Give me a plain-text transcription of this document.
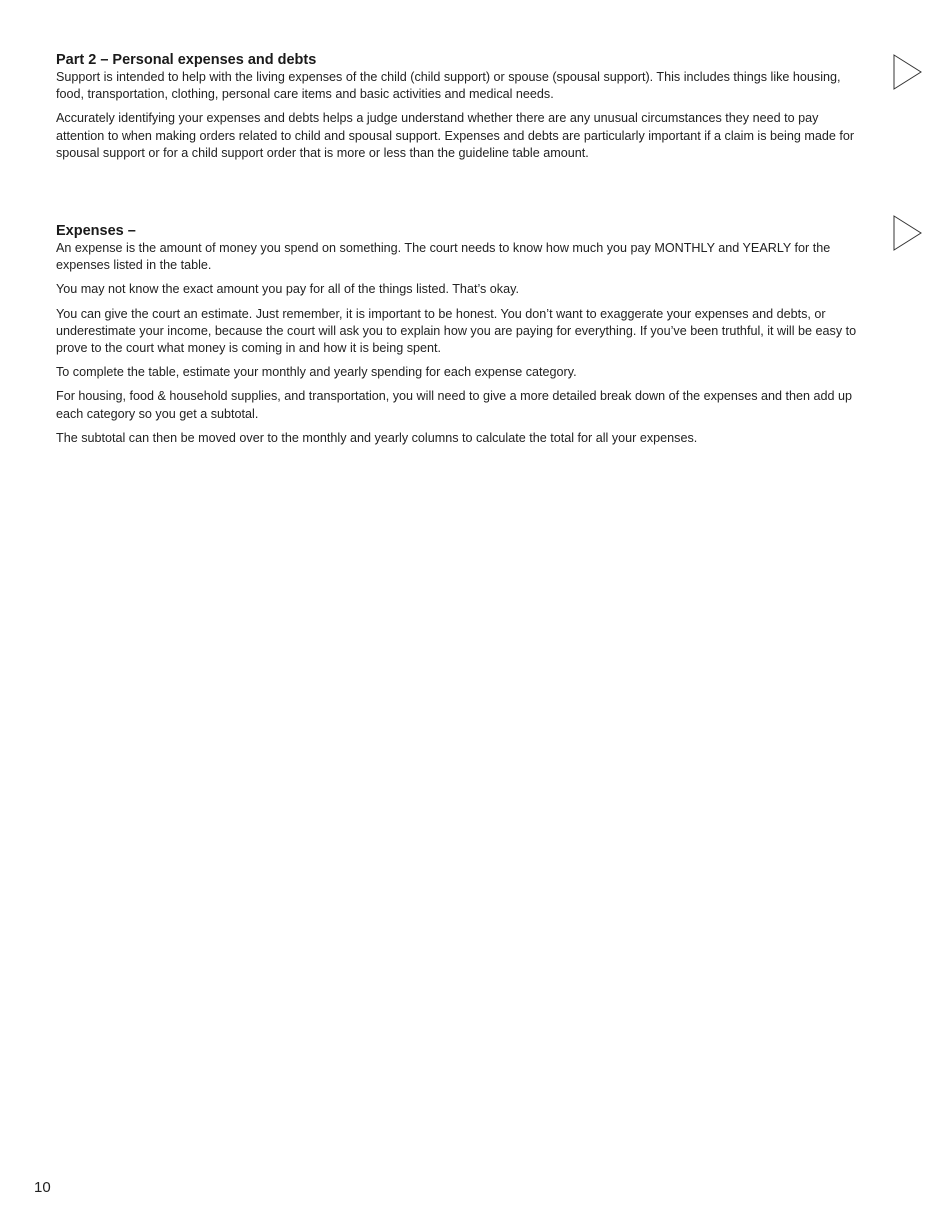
Part 2 – Personal expenses and debts

Support is intended to help with the living expenses of the child (child support) or spouse (spousal support). This includes things like housing, food, transportation, clothing, personal care items and basic activities and medical needs.

Accurately identifying your expenses and debts helps a judge understand whether there are any unusual circumstances they need to pay attention to when making orders related to child and spousal support. Expenses and debts are particularly important if a claim is being made for spousal support or for a child support order that is more or less than the guideline table amount.

Expenses –

An expense is the amount of money you spend on something. The court needs to know how much you pay MONTHLY and YEARLY for the expenses listed in the table.

You may not know the exact amount you pay for all of the things listed. That’s okay.

You can give the court an estimate. Just remember, it is important to be honest. You don’t want to exaggerate your expenses and debts, or underestimate your income, because the court will ask you to explain how you are paying for everything. If you’ve been truthful, it will be easy to prove to the court what money is coming in and how it is being spent.

To complete the table, estimate your monthly and yearly spending for each expense category.

For housing, food & household supplies, and transportation, you will need to give a more detailed break down of the expenses and then add up each category so you get a subtotal.

The subtotal can then be moved over to the monthly and yearly columns to calculate the total for all your expenses.

10
